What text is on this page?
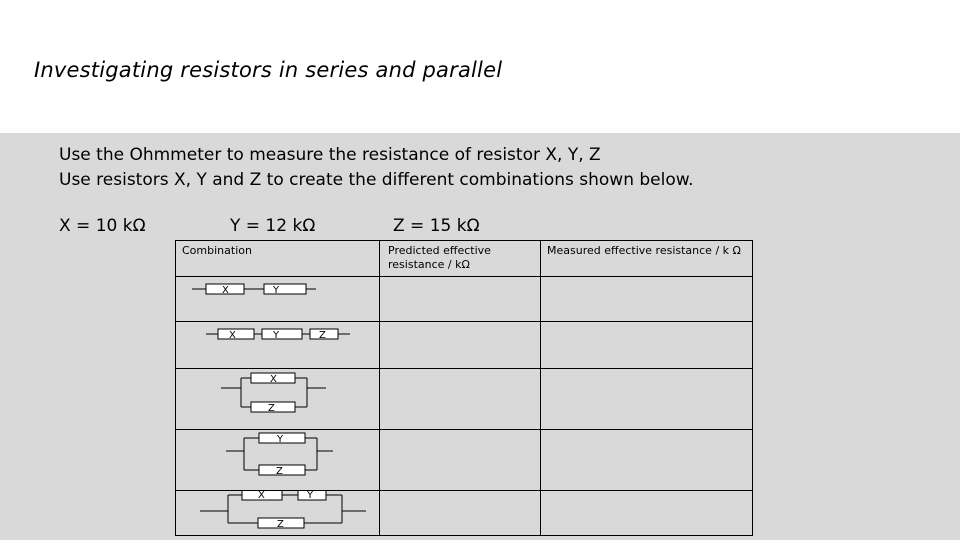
Investigating resistors in series and parallel
Use the Ohmmeter to measure the resistance of resistor X, Y, Z
Use resistors X, Y and Z to create the different combinations shown below.
X = 10 kΩ	Y = 12 kΩ	Z = 15 kΩ
Combination	Predicted effective
resistance / kΩ	Measured effective resistance / k Ω

X Y		

X Y Z		

X
Z		

Y
Z		

X Y
Z		
